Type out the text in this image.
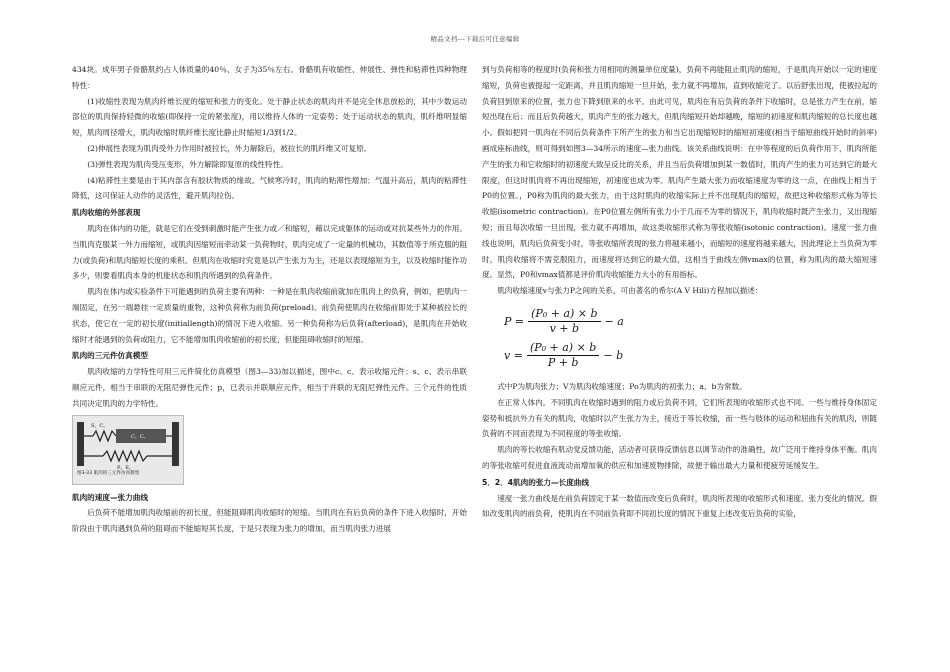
精品文档---下载后可任意编辑

434块。成年男子骨骼肌约占人体质量的40％、女子为35％左右。骨骼肌有收缩性、伸展性、弹性和粘滞性四种物理特性：

(1)收缩性表现为肌肉纤维长度的缩短和张力的变化。处于静止状态的肌肉并不是完全休息放松的，其中少数运动部位的肌肉保持轻微的收缩(即保持一定的紧张度)，用以维持人体的一定姿势；处于运动状态的肌肉，肌纤维明显缩短，肌肉周径增大，肌肉收缩时肌纤维长度比静止时缩短1/3到1/2。

(2)伸展性表现为肌肉受外力作用时被拉长，外力解除后，被拉长的肌纤维又可复原。

(3)弹性表现为肌肉受压变形，外力解除即复原的线性特性。

(4)粘滞性主要是由于其内部含有胶状物质的缘故。气候寒冷时，肌肉的粘滞性增加；气温升高后，肌肉的粘滞性降低，这可保证人动作的灵活性，避开肌肉拉伤。

肌肉收缩的外部表现

肌肉在体内的功能，就是它们在受到刺激时能产生张力或／和缩短，藉以完成躯体的运动或对抗某些外力的作用。当肌肉克服某一外力而缩短，或肌肉因缩短而牵动某一负荷物时，肌肉完成了一定量的机械功，其数值等于所克服的阻力(或负荷)和肌肉缩短长度的乘积。但肌肉在收缩时究竟是以产生张力为主，还是以表现缩短为主，以及收缩时能作功多少，则要看肌肉本身的机能状态和肌肉所遇到的负荷条件。

肌肉在体内或实验条件下可能遇到的负荷主要有两种：一种是在肌肉收缩前就加在肌肉上的负荷，例如，把肌肉一端固定，在另一端悬挂一定质量的重物，这种负荷称为前负荷(preload)。前负荷使肌肉在收缩前即处于某种被拉长的状态，使它在一定的初长度(initiallength)的情况下进入收缩。另一种负荷称为后负荷(afterload)，是肌肉在开始收缩时才能遇到的负荷或阻力，它不能增加肌肉收缩前的初长度，但能阻碍收缩时的短缩。

肌肉的三元件仿真模型

肌肉收缩的力学特性可用三元件简化仿真模型（图3—33)加以描述，图中c、c、表示收缩元件；s、c、表示串联顺应元件，相当于串联的无阻尼弹性元件；p，已表示并联顺应元件，相当于并联的无阻尼弹性元件。三个元件的性质共同决定肌肉的力学特性。

S。C。
C。C。
P。E。
图3-33 肌肉的三元件仿真模型
肌肉的速度—张力曲线

后负荷不能增加肌肉收缩前的初长度，但能阻碍肌肉收缩时的短缩。当肌肉在有后负荷的条件下进入收缩时，开始阶段由于肌肉遇到负荷的阻碍而不能缩短其长度，于是只表现为张力的增加，而当肌肉张力进展

到与负荷相等的程度时(负荷和张力用相同的测量单位度量)，负荷不再能阻止肌肉的缩短，于是肌肉开始以一定的速度缩短，负荷也被提起一定距离，并且肌肉缩短一旦开始，张力就不再增加，直到收缩完了。以后舒张出现，使被拉起的负荷回到原来的位置，张力也下降到原来的水平。由此可见，肌肉在有后负荷的条件下收缩时，总是张力产生在前，缩短出现在后；而且后负荷越大，肌肉产生的张力越大，但肌肉缩短开始却越晚，缩短的初速度和肌肉缩短的总长度也越小。假如把同一肌肉在不同后负荷条件下所产生的张力和当它出现缩短时的缩短初速度(相当于缩短曲线开始时的斜率)画成座标曲线，则可得到如图3—34所示的速度—张力曲线。该关系曲线说明：在中等程度的后负荷作用下，肌肉所能产生的张力和它收缩时的初速度大致呈反比的关系，并且当后负荷增加到某一数值时，肌肉产生的张力可达到它的最大限度，但这时肌肉将不再出现缩短，初速度也成为零。肌肉产生最大张力而收缩速度为零的这一点，在曲线上相当于P0的位置。，P0称为肌肉的最大张力，由于这时肌肉的收缩实际上并不出现肌肉的缩短，故把这种收缩形式称为等长收缩(isometric contraction)。在P0位置左侧所有张力小于几而不为零的情况下，肌肉收缩时既产生张力，又出现缩短；而且每次收缩一旦出现，张力就不再增加，故这类收缩形式称为等张收缩(isotonic contraction)。速度一张力曲线也说明，肌肉后负荷变小时，等张收缩所表现的张力将越来越小，而缩短的速度将越来越大，因此理论上当负荷为零时，肌肉收缩将不需克服阻力，而速度将达到它的最大值，这相当于曲线左侧vmax的位置，称为肌肉的最大缩短速度。显然，P0和vmax值都是评价肌肉收缩能力大小的有用指标。

肌肉收缩速度v与张力P之间的关系，可由著名的希尔(A V Hili)方程加以描述：

$P = \frac{\text{(P₀ + a) × b}}{v + b} - a$
$v = \frac{\text{(P₀ + a) × b}}{P + b} - b$

式中P为肌肉张力；V为肌肉收缩速度；Po为肌肉的初张力；a、b为常数。

在正常人体内，不同肌肉在收缩时遇到的阻力或后负荷不同，它们所表现的收缩形式也不同。一些与维持身体固定姿势和抵抗外力有关的肌肉，收缩时以产生张力为主，接近于等长收缩，而一些与肢体的运动和屈曲有关的肌肉，则随负荷的不同而表现为不同程度的等张收缩。

肌肉的等长收缩有肌动觉反馈功能，活动者可获得反馈信息以调节动作的准确性，故广泛用于维持身体平衡。肌肉的等张收缩可促进血液流动而增加氧的供应和加速废物排除，故便于输出最大力量和使疲劳延缓发生。

5．2．4肌肉的张力—长度曲线

速度一张力曲线是在前负荷固定于某一数值而改变后负荷时，肌肉所表现的收缩形式和速度、张力变化的情况。假如改变肌肉的前负荷，使肌肉在不同前负荷即不同初长度的情况下重复上述改变后负荷的实验，
